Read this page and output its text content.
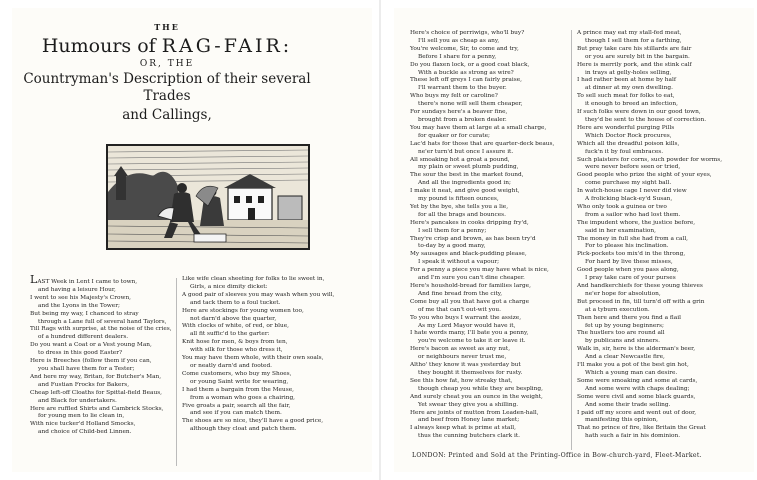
THE
Humours of RAG-FAIR:
OR, THE
Countryman's Description of their several Trades
and Callings,
LAST Week in Lent I came to town,
and having a leisure Hour,
I went to see his Majesty's Crown,
and the Lyons in the Tower;
But being my way, I chanced to stray
through a Lane full of several hand Taylors,
Till Rags with surprise, at the noise of the cries,
of a hundred different dealers.
Do you want a Coat or a Vest young Man,
to dress in this good Easter?
Here is Breeches (follow them if you can,
you shall have them for a Tester;
And here my way, Britan, for Butcher's Man,
and Fustian Frocks for Bakers,
Cheap left-off Cloaths for Spittal-field Beaus,
and Black for undertakers.
Here are ruffled Shirts and Cambrick Stocks,
for young men to lie clean in,
With nice tucker'd Holland Smocks,
and choice of Child-bed Linnen.
Like wife clean sheeting for folks to lie sweet in,
Girls, a nice dimity dicket:
A good pair of sleeves you may wash when you will,
and tack them to a foul tucket.
Here are stockings for young women too,
not darn'd above the quarter,
With clocks of white, of red, or blue,
all fit suffic'd to the garter:
Knit hose for men, & boys from ten,
with silk for those who dress it,
You may have them whole, with their own soals,
or neatly darn'd and footed.
Come customers, who buy my Shoes,
or young Saint write for wearing,
I had them a bargain from the Meuse,
from a woman who goes a chairing,
Five groats a pair, search all the fair,
and see if you can match them.
The shoes are so nice, they'll have a good price,
although they cloat and patch them.
Here's choice of perriwigs, who'll buy?
I'll sell you as cheap as any,
You're welcome, Sir, to come and try,
Before I share for a penny,
Do you flaxen lock, or a good coat black,
With a buckle as strong as wire?
These left off greys I can fairly praise,
I'll warrant them to the buyer.
Who buys my felt or caroline?
there's none will sell them cheaper,
For sundays here's a beaver fine,
brought from a broken dealer.
You may have them at large at a small charge,
for quaker or for curate;
Lac'd hats for those that are quarter-deck beaus,
ne'er turn'd but once I assure it.
All smoaking hot a groat a pound,
my plain or sweet plumb pudding,
The sour the best in the market found,
And all the ingredients good in;
I make it neat, and give good weight,
my pound is fifteen ounces,
Yet by the bye, she tells you a lie,
for all the brags and bounces.
Here's pancakes in cooks dripping fry'd,
I sell them for a penny;
They're crisp and brown, as has been try'd
to-day by a good many,
My sausages and black-pudding please,
I speak it without a vapour;
For a penny a piece you may have what is nice,
and I'm sure you can't dine cheaper.
Here's houshold-bread for families large,
And fine bread from the city,
Come buy all you that have got a charge
of me that can't out-wit you.
To you who buys I warrant the assize,
As my Lord Mayor would have it,
I hate words many, I'll bate you a penny,
you're welcome to take it or leave it.
Here's bacon as sweet as any nut,
or neighbours never trust me,
Altho' they know it was yesterday but
they bought it themselves for rusty.
See this how fat, how streaky that,
though cheap you while they are bespling,
And surely cheat you an ounce in the weight,
Yet swear they give you a shilling.
Here are joints of mutton from Leaden-hall,
and beef from Honey lane market;
I always keep what is prime at stall,
thus the cunning butchers clark it.
A prince may eat my stall-fed meat,
though I sell them for a farthing,
But pray take care his stillards are fair
or you are surely bit in the bargain.
Here is merrily pork, and the stink calf
in trays at gelly-holes selling,
I had rather been at home by half
at dinner at my own dwelling.
To sell such meat for folks to eat,
it enough to breed an infection,
If such folks were down in our good town,
they'd be sent to the house of correction.
Here are wonderful purging Pills
Which Doctor Rock procures,
Which all the dreadful poison kills,
fuck'n it by foul embraces.
Such plaisters for corns, such powder for worms,
were never before seen or tried,
Good people who prize the sight of your eyes,
come purchase my sight ball.
In watch-house cage I never did view
A frolicking black-ey'd Susan,
Who only took a guinea or two
from a sailor who had lost them.
The impudent whore, the justice before,
said in her examination,
The money in full she had from a call,
For to please his inclination.
Pick-pockets too mix'd in the throng,
For hard by live these misses,
Good people when you pass along,
I pray take care of your purses
And handkerchiefs for these young thieves
ne'er hope for absolution,
But proceed in fin, till turn'd off with a grin
at a tyburn execution.
Then here and there you find a flail
fet up by young beginners;
The hustlers too are round all
by publicans and sinners.
Walk in, sir, here is the alderman's beer,
And a clear Newcastle fire,
I'll make you a pot of the best gin hot,
Which a young man can desire.
Some were smoaking and some at cards,
And some were with chaps dealing;
Some were civil and some black guards,
And some their trade selling.
I paid off my score and went out of door,
manifesting this opinion,
That no prince of fire, like Britain the Great
hath such a fair in his dominion.
LONDON: Printed and Sold at the Printing-Office in Bow-church-yard, Fleet-Market.
